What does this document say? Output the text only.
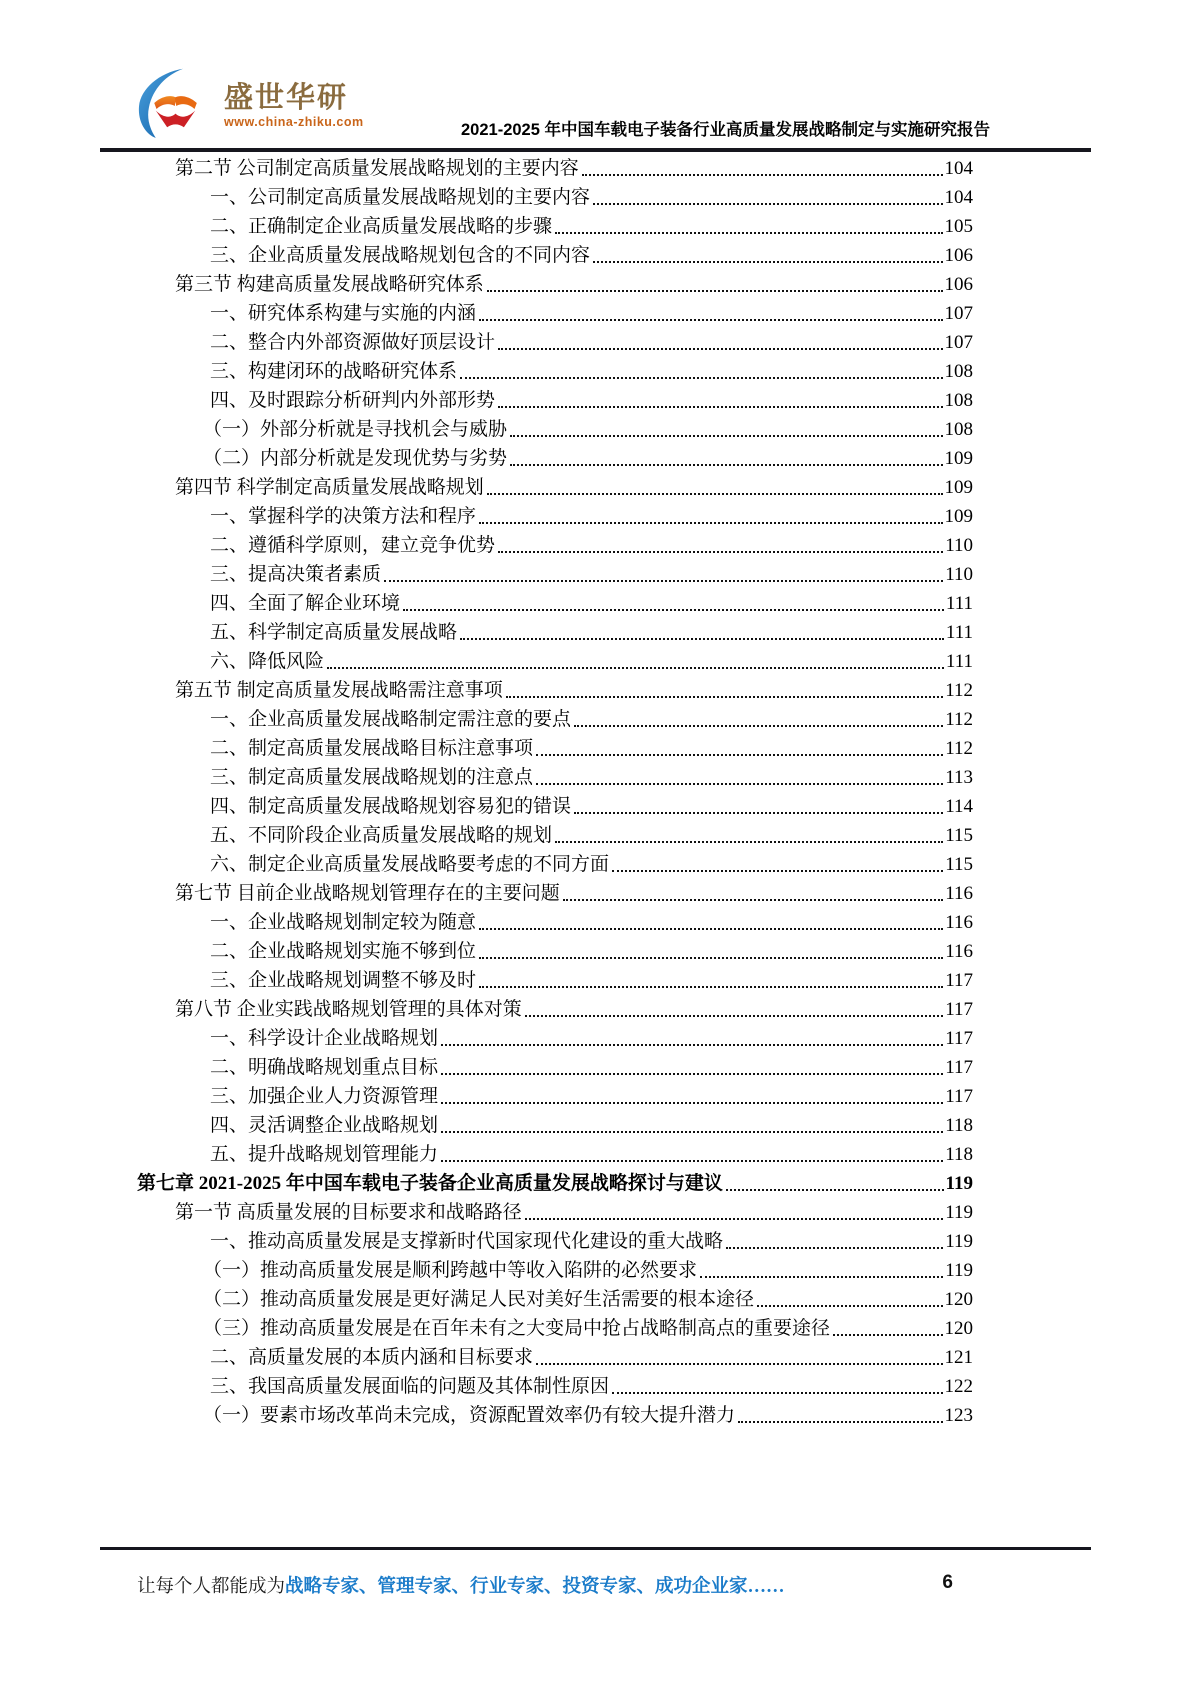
盛世华研
www.china-zhiku.com	2021-2025 年中国车载电子装备行业高质量发展战略制定与实施研究报告
第二节 公司制定高质量发展战略规划的主要内容	104
一、公司制定高质量发展战略规划的主要内容	104
二、正确制定企业高质量发展战略的步骤	105
三、企业高质量发展战略规划包含的不同内容	106
第三节 构建高质量发展战略研究体系	106
一、研究体系构建与实施的内涵	107
二、整合内外部资源做好顶层设计	107
三、构建闭环的战略研究体系	108
四、及时跟踪分析研判内外部形势	108
（一）外部分析就是寻找机会与威胁	108
（二）内部分析就是发现优势与劣势	109
第四节 科学制定高质量发展战略规划	109
一、掌握科学的决策方法和程序	109
二、遵循科学原则，建立竞争优势	110
三、提高决策者素质	110
四、全面了解企业环境	111
五、科学制定高质量发展战略	111
六、降低风险	111
第五节 制定高质量发展战略需注意事项	112
一、企业高质量发展战略制定需注意的要点	112
二、制定高质量发展战略目标注意事项	112
三、制定高质量发展战略规划的注意点	113
四、制定高质量发展战略规划容易犯的错误	114
五、不同阶段企业高质量发展战略的规划	115
六、制定企业高质量发展战略要考虑的不同方面	115
第七节 目前企业战略规划管理存在的主要问题	116
一、企业战略规划制定较为随意	116
二、企业战略规划实施不够到位	116
三、企业战略规划调整不够及时	117
第八节 企业实践战略规划管理的具体对策	117
一、科学设计企业战略规划	117
二、明确战略规划重点目标	117
三、加强企业人力资源管理	117
四、灵活调整企业战略规划	118
五、提升战略规划管理能力	118
第七章 2021-2025 年中国车载电子装备企业高质量发展战略探讨与建议	119
第一节 高质量发展的目标要求和战略路径	119
一、推动高质量发展是支撑新时代国家现代化建设的重大战略	119
（一）推动高质量发展是顺利跨越中等收入陷阱的必然要求	119
（二）推动高质量发展是更好满足人民对美好生活需要的根本途径	120
（三）推动高质量发展是在百年未有之大变局中抢占战略制高点的重要途径	120
二、高质量发展的本质内涵和目标要求	121
三、我国高质量发展面临的问题及其体制性原因	122
（一）要素市场改革尚未完成，资源配置效率仍有较大提升潜力	123
让每个人都能成为战略专家、管理专家、行业专家、投资专家、成功企业家……	6
